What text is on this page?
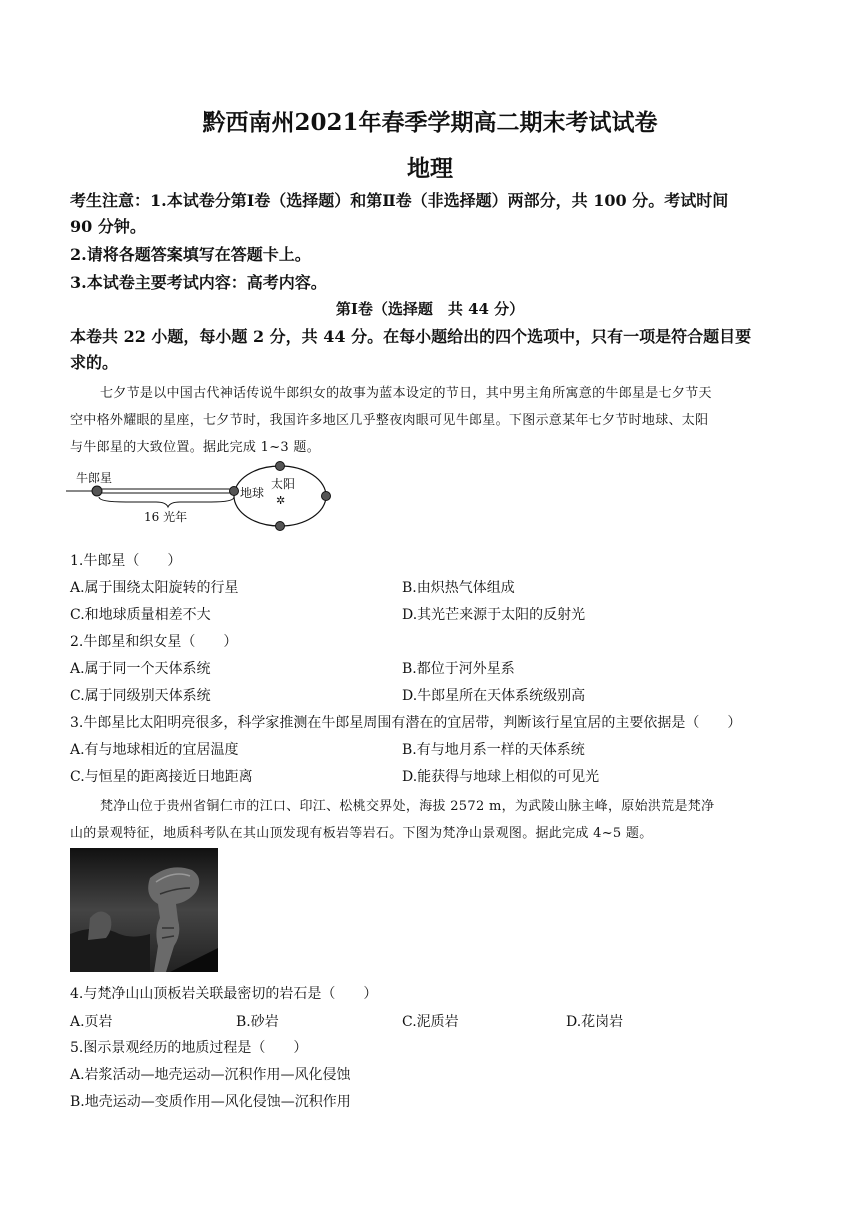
黔西南州2021年春季学期高二期末考试试卷
地理
考生注意：1.本试卷分第Ⅰ卷（选择题）和第Ⅱ卷（非选择题）两部分，共 100 分。考试时间
90 分钟。
2.请将各题答案填写在答题卡上。
3.本试卷主要考试内容：高考内容。
第Ⅰ卷（选择题　共 44 分）
本卷共 22 小题，每小题 2 分，共 44 分。在每小题给出的四个选项中，只有一项是符合题目要
求的。
七夕节是以中国古代神话传说牛郎织女的故事为蓝本设定的节日，其中男主角所寓意的牛郎星是七夕节天
空中格外耀眼的星座，七夕节时，我国许多地区几乎整夜肉眼可见牛郎星。下图示意某年七夕节时地球、太阳
与牛郎星的大致位置。据此完成 1~3 题。
牛郎星
16 光年
地球
太阳
✲
1.牛郎星（　　）
A.属于围绕太阳旋转的行星	B.由炽热气体组成
C.和地球质量相差不大	D.其光芒来源于太阳的反射光
2.牛郎星和织女星（　　）
A.属于同一个天体系统	B.都位于河外星系
C.属于同级别天体系统	D.牛郎星所在天体系统级别高
3.牛郎星比太阳明亮很多，科学家推测在牛郎星周围有潜在的宜居带，判断该行星宜居的主要依据是（　　）
A.有与地球相近的宜居温度	B.有与地月系一样的天体系统
C.与恒星的距离接近日地距离	D.能获得与地球上相似的可见光
梵净山位于贵州省铜仁市的江口、印江、松桃交界处，海拔 2572 m，为武陵山脉主峰，原始洪荒是梵净
山的景观特征，地质科考队在其山顶发现有板岩等岩石。下图为梵净山景观图。据此完成 4~5 题。
4.与梵净山山顶板岩关联最密切的岩石是（　　）
A.页岩	B.砂岩	C.泥质岩	D.花岗岩
5.图示景观经历的地质过程是（　　）
A.岩浆活动—地壳运动—沉积作用—风化侵蚀
B.地壳运动—变质作用—风化侵蚀—沉积作用
